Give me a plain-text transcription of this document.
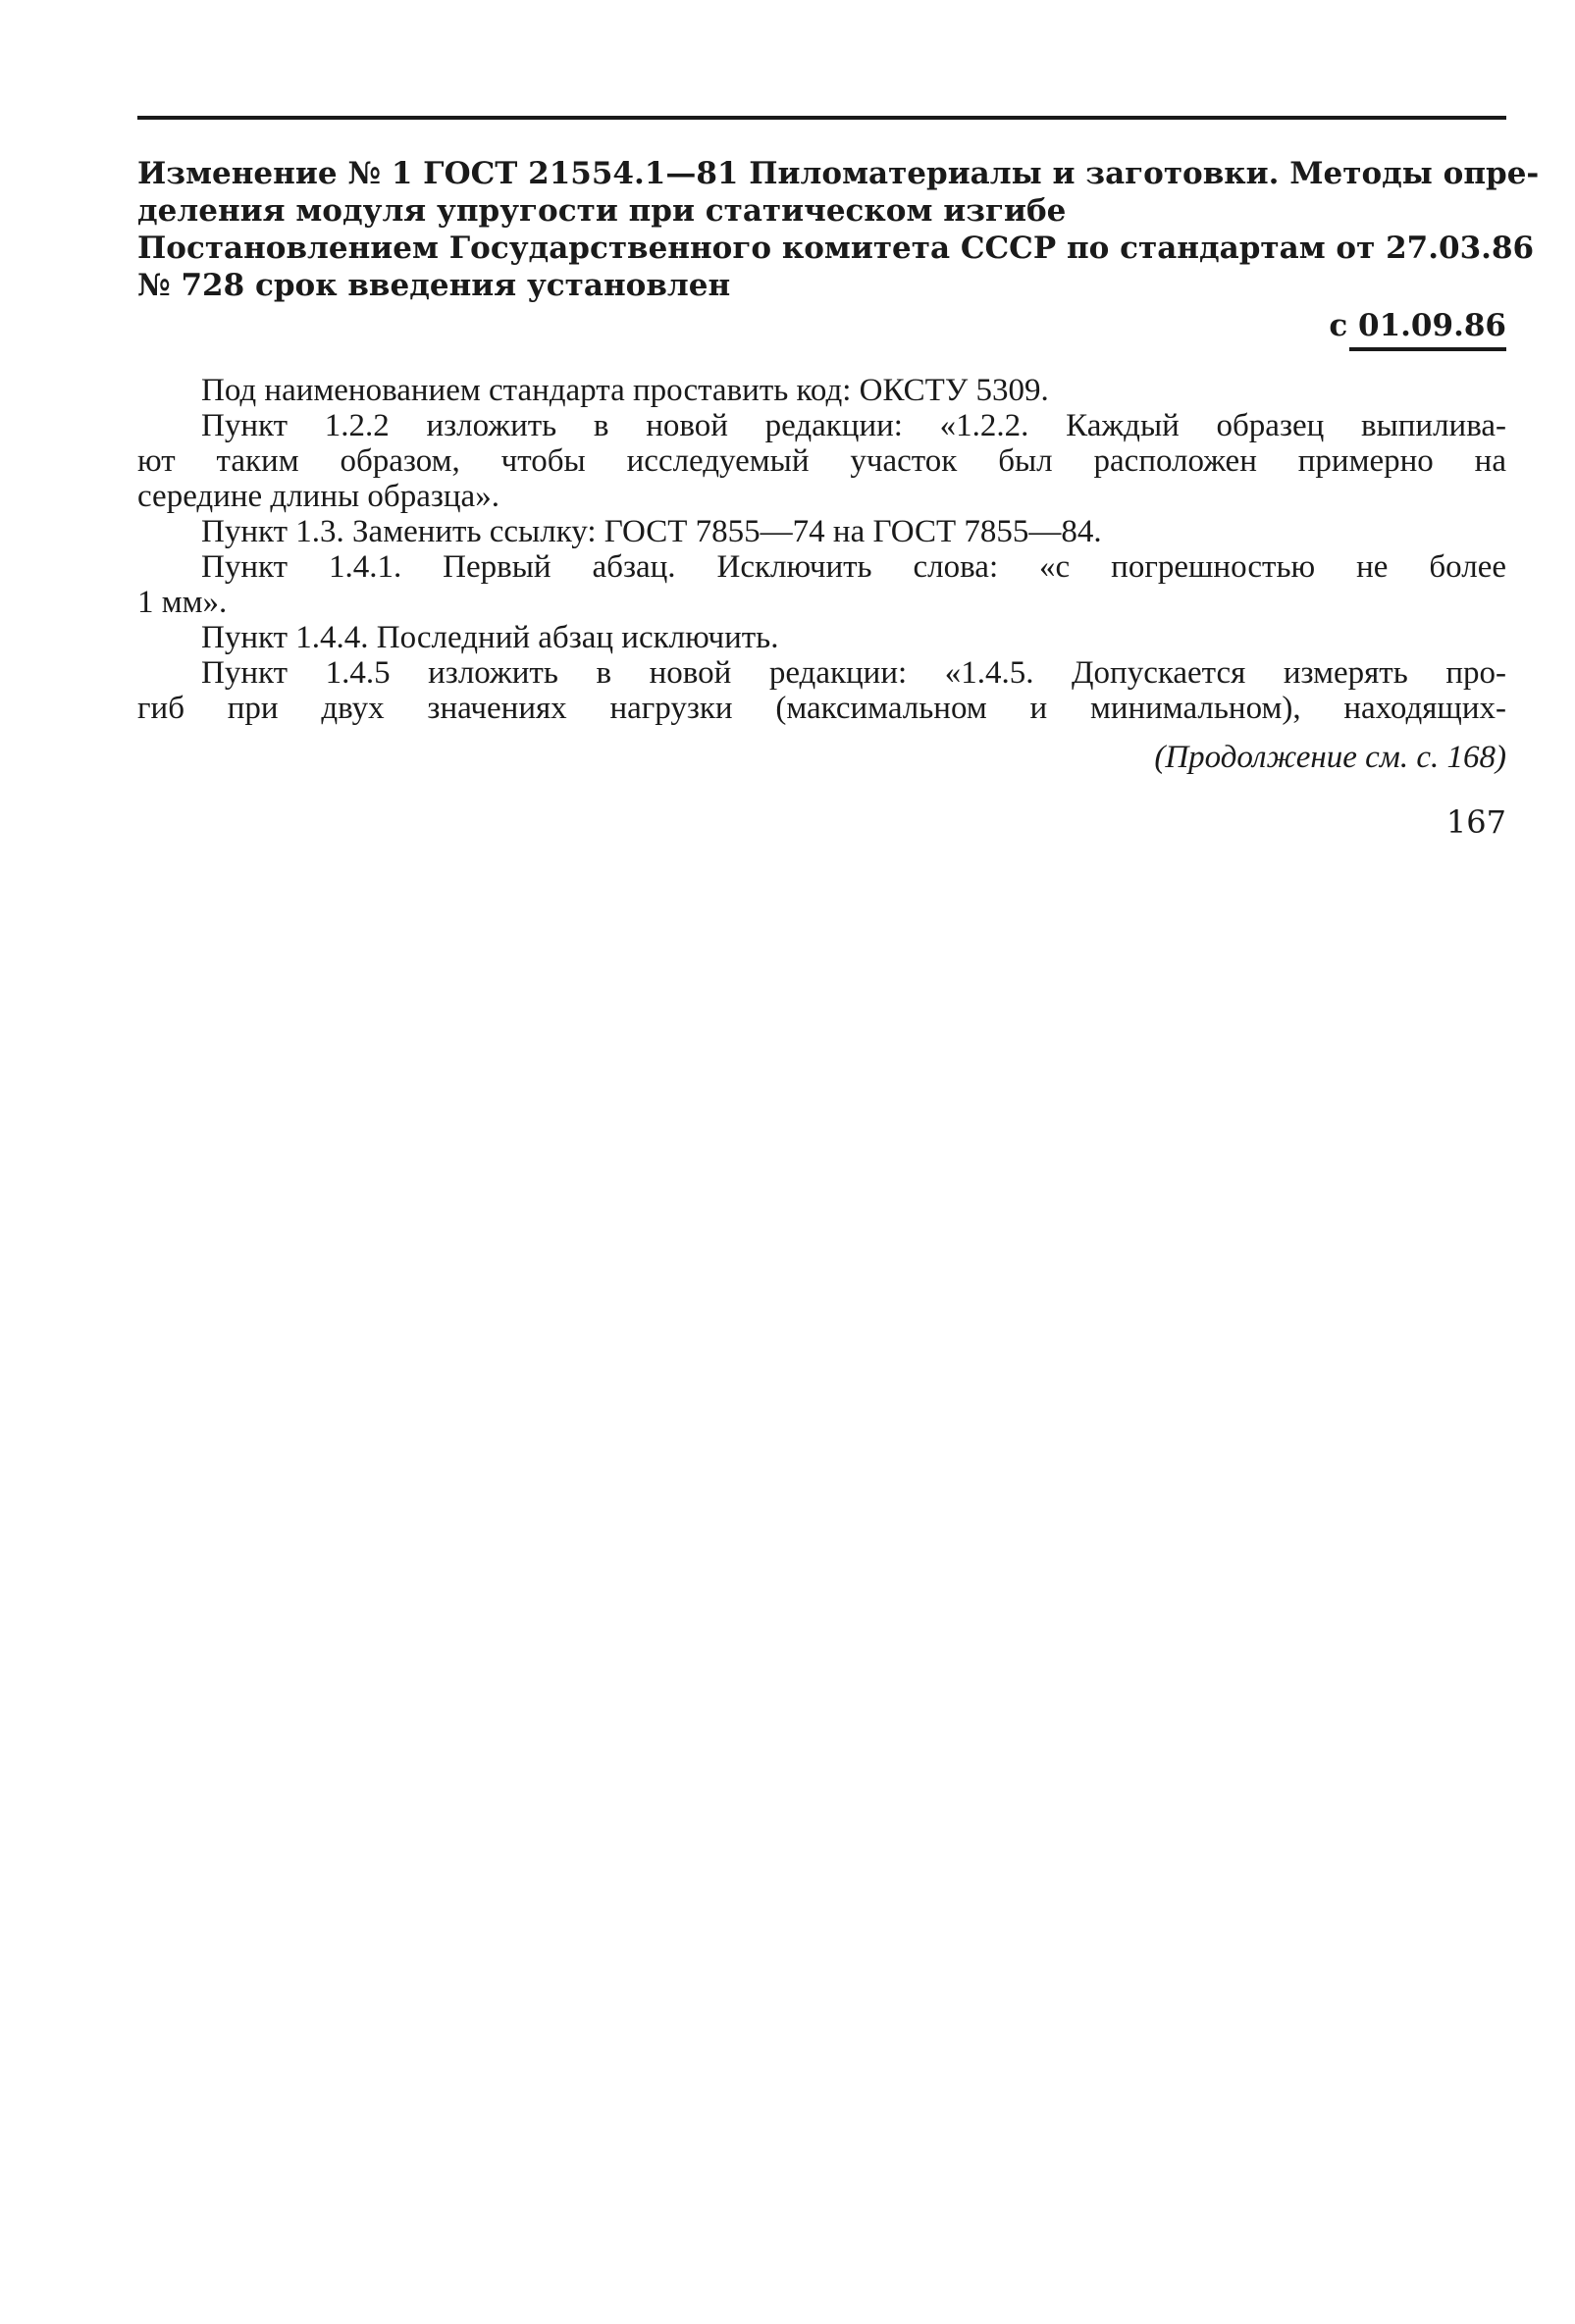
Изменение № 1 ГОСТ 21554.1—81 Пиломатериалы и заготовки. Методы опре-
деления модуля упругости при статическом изгибе
Постановлением Государственного комитета СССР по стандартам от 27.03.86
№ 728 срок введения установлен
с 01.09.86
Под наименованием стандарта проставить код: ОКСТУ 5309.
Пункт 1.2.2 изложить в новой редакции: «1.2.2. Каждый образец выпилива-
ют таким образом, чтобы исследуемый участок был расположен примерно на
середине длины образца».
Пункт 1.3. Заменить ссылку: ГОСТ 7855—74 на ГОСТ 7855—84.
Пункт 1.4.1. Первый абзац. Исключить слова: «с погрешностью не более
1 мм».
Пункт 1.4.4. Последний абзац исключить.
Пункт 1.4.5 изложить в новой редакции: «1.4.5. Допускается измерять про-
гиб при двух значениях нагрузки (максимальном и минимальном), находящих-
(Продолжение см. с. 168)
167
